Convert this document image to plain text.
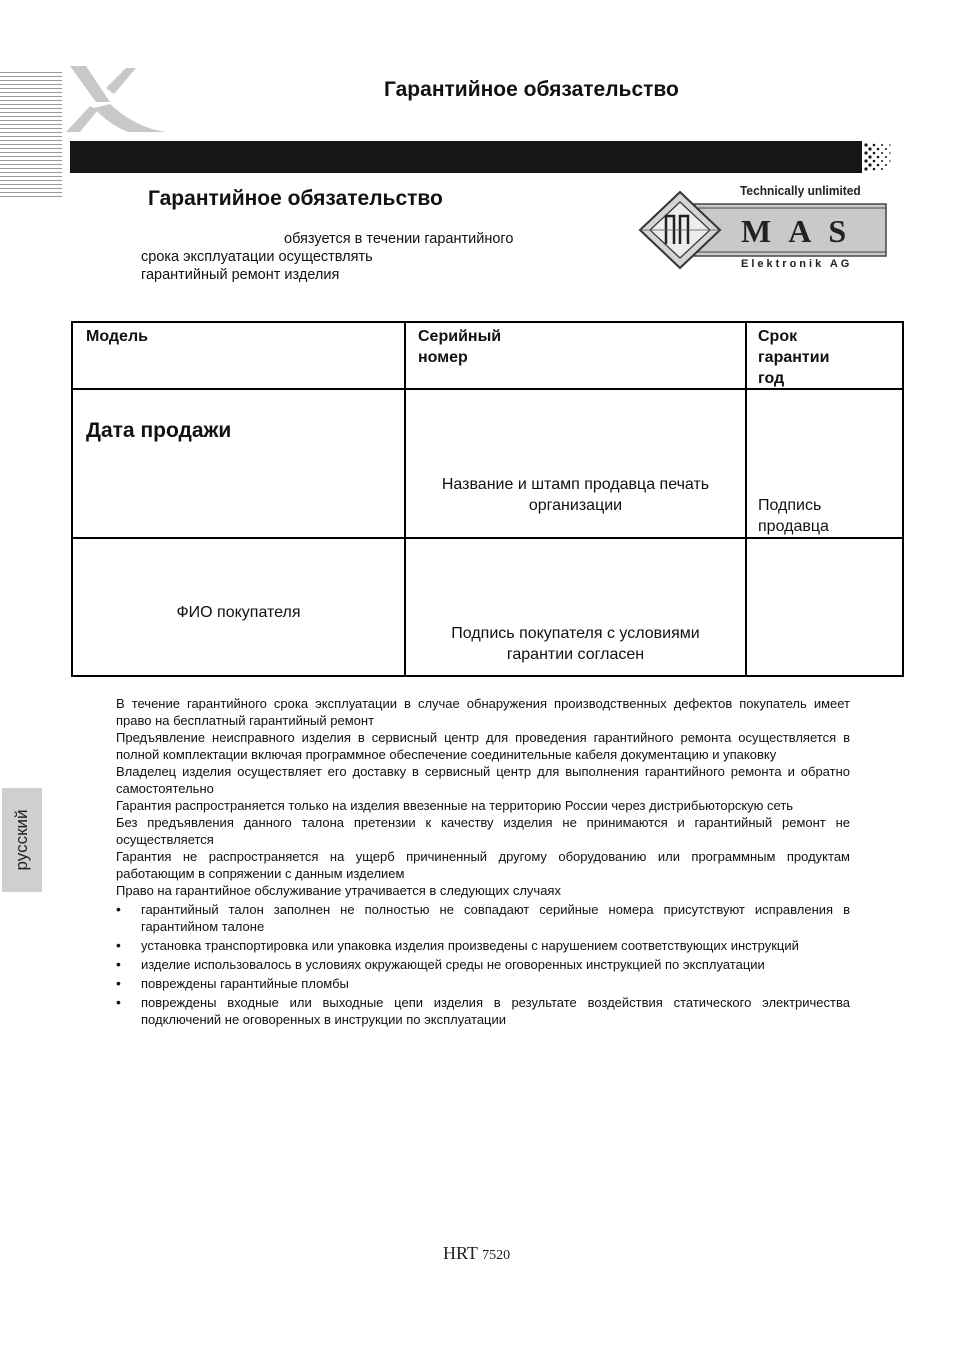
Гарантийное обязательство
Гарантийное обязательство
обязуется в течении гарантийного
срока эксплуатации осуществлять
гарантийный ремонт изделия
Technically unlimited
MAS
Elektronik AG
Модель	Серийный
номер
Срок
гарантии
год
Дата продажи
Название и штамп продавца печать
организации	Подпись
продавца
ФИО покупателя
Подпись покупателя с условиями
гарантии согласен

В течение гарантийного срока эксплуатации в случае обнаружения производственных дефектов покупатель имеет право на бесплатный гарантийный ремонт

Предъявление неисправного изделия в сервисный центр для проведения гарантийного ремонта осуществляется в полной комплектации включая программное обеспечение соединительные кабеля документацию и упаковку

Владелец изделия осуществляет его доставку в сервисный центр для выполнения гарантийного ремонта и обратно самостоятельно

Гарантия распространяется только на изделия ввезенные на территорию России через дистрибьюторскую сеть

Без предъявления данного талона претензии к качеству изделия не принимаются и гарантийный ремонт не осуществляется

Гарантия не распространяется на ущерб причиненный другому оборудованию или программным продуктам работающим в сопряжении с данным изделием

Право на гарантийное обслуживание утрачивается в следующих случаях

• гарантийный талон заполнен не полностью не совпадают серийные номера присутствуют исправления в гарантийном талоне
• установка транспортировка или упаковка изделия произведены с нарушением соответствующих инструкций
• изделие использовалось в условиях окружающей среды не оговоренных инструкцией по эксплуатации
• повреждены гарантийные пломбы
• повреждены входные или выходные цепи изделия в результате воздействия статического электричества подключений не оговоренных в инструкции по эксплуатации
русский
HRT 7520
